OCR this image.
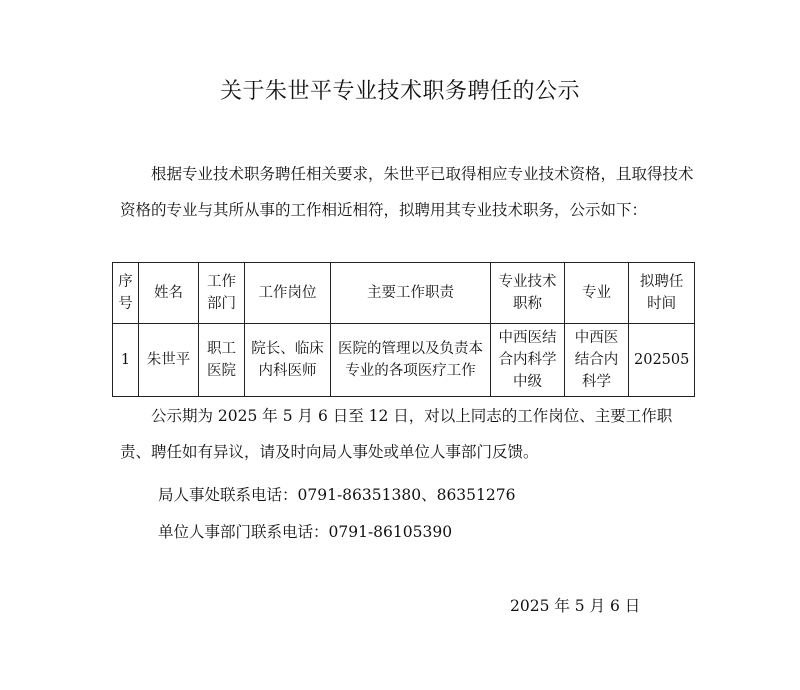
关于朱世平专业技术职务聘任的公示

根据专业技术职务聘任相关要求，朱世平已取得相应专业技术资格，且取得技术资格的专业与其所从事的工作相近相符，拟聘用其专业技术职务，公示如下：

序号	姓名	工作部门	工作岗位	主要工作职责	专业技术职称	专业	拟聘任时间
1	朱世平	职工医院	院长、临床内科医师	医院的管理以及负责本专业的各项医疗工作	中西医结合内科学中级	中西医结合内科学	202505

公示期为 2025 年 5 月 6 日至 12 日，对以上同志的工作岗位、主要工作职责、聘任如有异议，请及时向局人事处或单位人事部门反馈。

局人事处联系电话：0791-86351380、86351276

单位人事部门联系电话：0791-86105390

2025 年 5 月 6 日
